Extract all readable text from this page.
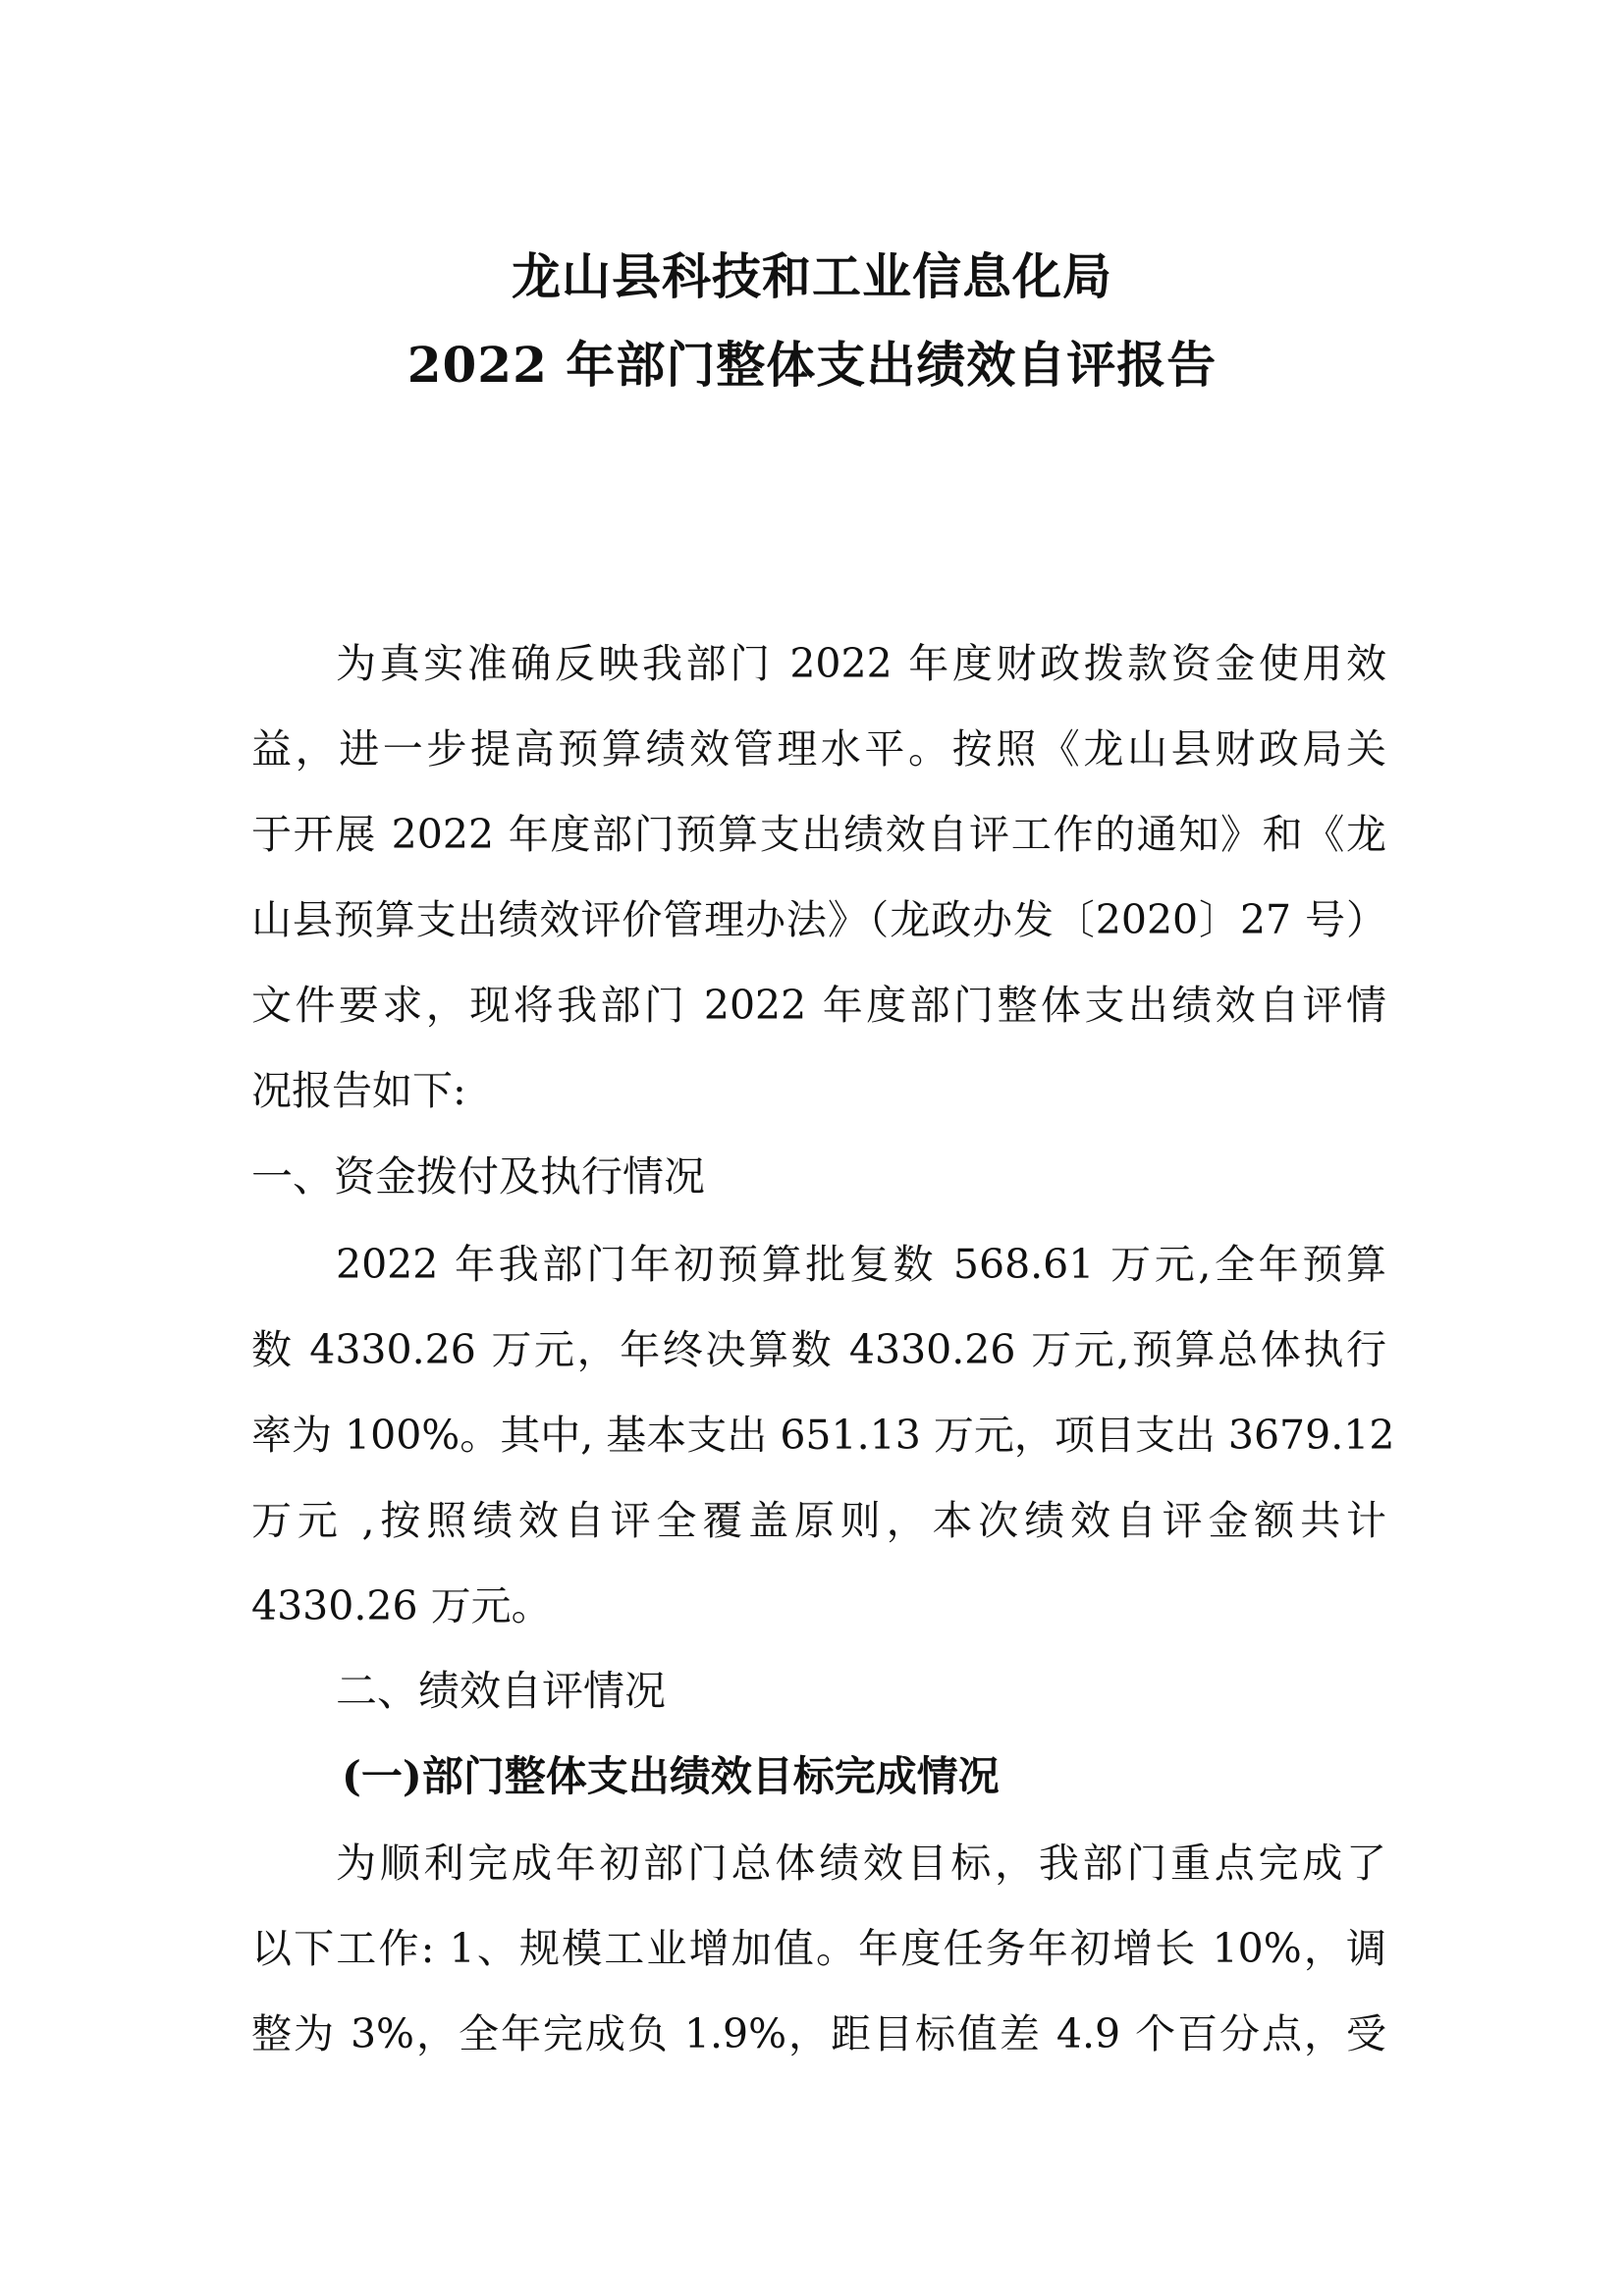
龙山县科技和工业信息化局
2022 年部门整体支出绩效自评报告
为真实准确反映我部门 2022 年度财政拨款资金使用效
益，进一步提高预算绩效管理水平。按照《龙山县财政局关
于开展 2022 年度部门预算支出绩效自评工作的通知》和《龙
山县预算支出绩效评价管理办法》（龙政办发〔2020〕27 号）
文件要求，现将我部门 2022 年度部门整体支出绩效自评情
况报告如下:
一、资金拨付及执行情况
2022 年我部门年初预算批复数 568.61 万元,全年预算
数 4330.26 万元，年终决算数 4330.26 万元,预算总体执行
率为 100%。其中, 基本支出 651.13 万元，项目支出 3679.12
万元 ,按照绩效自评全覆盖原则，本次绩效自评金额共计
4330.26 万元。
二、绩效自评情况
(一)部门整体支出绩效目标完成情况
为顺利完成年初部门总体绩效目标，我部门重点完成了
以下工作: 1、规模工业增加值。年度任务年初增长 10%，调
整为 3%，全年完成负 1.9%，距目标值差 4.9 个百分点，受
